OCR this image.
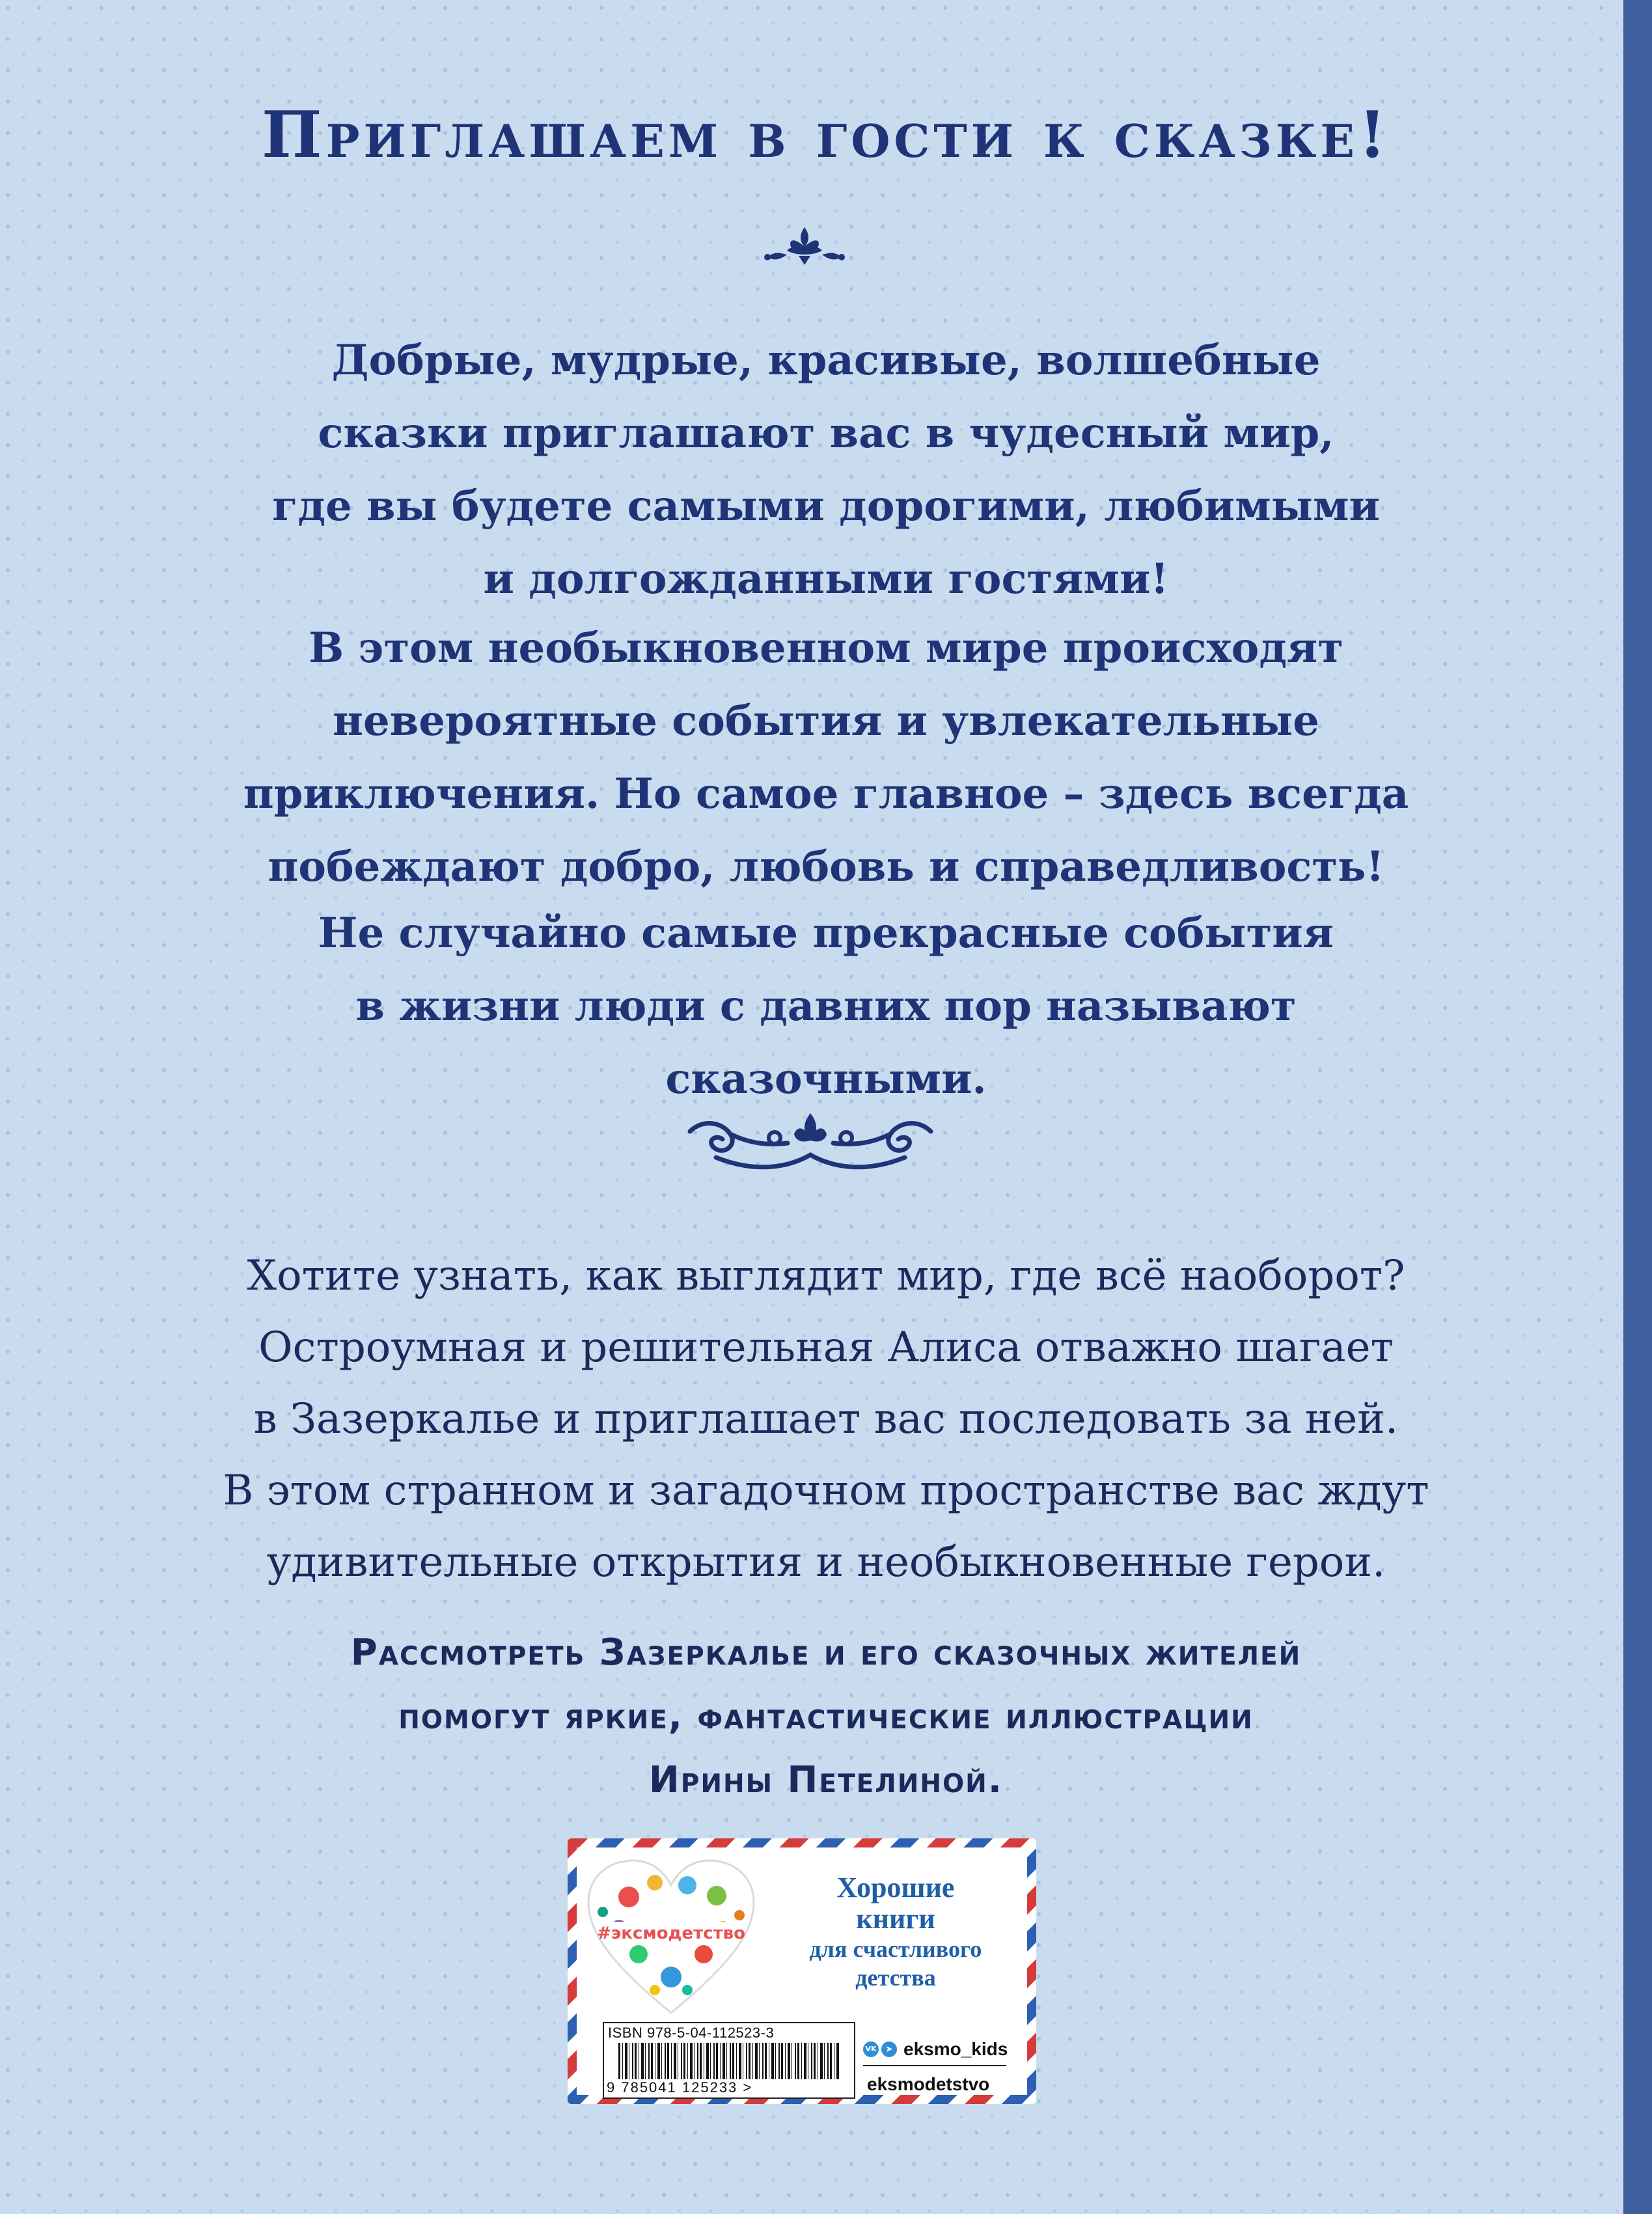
Приглашаем в гости к сказке!

Добрые, мудрые, красивые, волшебные

сказки приглашают вас в чудесный мир,

где вы будете самыми дорогими, любимыми

и долгожданными гостями!

В этом необыкновенном мире происходят

невероятные события и увлекательные

приключения. Но самое главное – здесь всегда

побеждают добро, любовь и справедливость!

Не случайно самые прекрасные события

в жизни люди с давних пор называют

сказочными.

Хотите узнать, как выглядит мир, где всё наоборот?

Остроумная и решительная Алиса отважно шагает

в Зазеркалье и приглашает вас последовать за ней.

В этом странном и загадочном пространстве вас ждут

удивительные открытия и необыкновенные герои.

Рассмотреть Зазеркалье и его сказочных жителей

помогут яркие, фантастические иллюстрации

Ирины Петелиной.

#эксмодетство
Хорошие
книги
для счастливого
детства
ISBN 978-5-04-112523-3
9 785041 125233 >
VK ➤ eksmo_kids
eksmodetstvo
